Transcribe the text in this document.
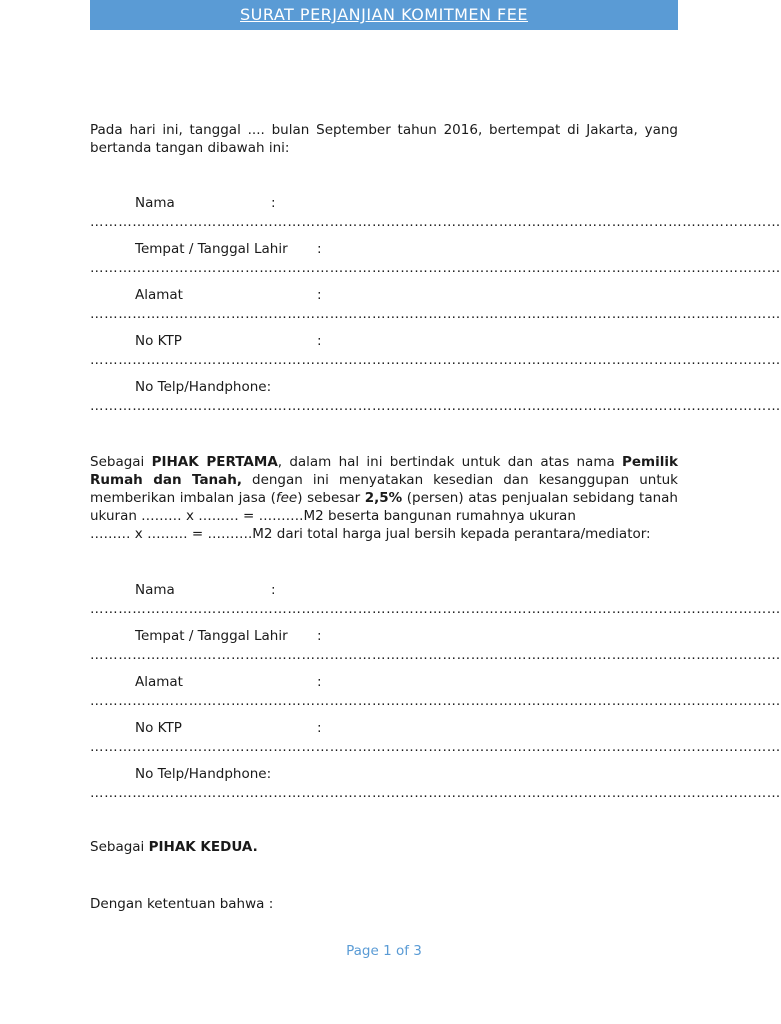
SURAT PERJANJIAN KOMITMEN FEE

Pada hari ini, tanggal .... bulan September tahun 2016, bertempat di Jakarta, yang bertanda tangan dibawah ini:

Nama	:
…………………………………………………………………………………………………………………………………
Tempat / Tanggal Lahir :
…………………………………………………………………………………………………………………………………
Alamat	:
…………………………………………………………………………………………………………………………………
No KTP	:
…………………………………………………………………………………………………………………………………
No Telp/Handphone:
…………………………………………………………………………………………………………………………………

Sebagai PIHAK PERTAMA, dalam hal ini bertindak untuk dan atas nama Pemilik Rumah dan Tanah, dengan ini menyatakan kesedian dan kesanggupan untuk memberikan imbalan jasa (fee) sebesar 2,5% (persen) atas penjualan sebidang tanah ukuran ……… x ……… = ……….M2 beserta bangunan rumahnya ukuran
……… x ……… = ……….M2 dari total harga jual bersih kepada perantara/mediator:

Nama	:
…………………………………………………………………………………………………………………………………
Tempat / Tanggal Lahir :
…………………………………………………………………………………………………………………………………
Alamat	:
…………………………………………………………………………………………………………………………………
No KTP	:
…………………………………………………………………………………………………………………………………
No Telp/Handphone:
…………………………………………………………………………………………………………………………………
Sebagai PIHAK KEDUA.
Dengan ketentuan bahwa :
Page 1 of 3
